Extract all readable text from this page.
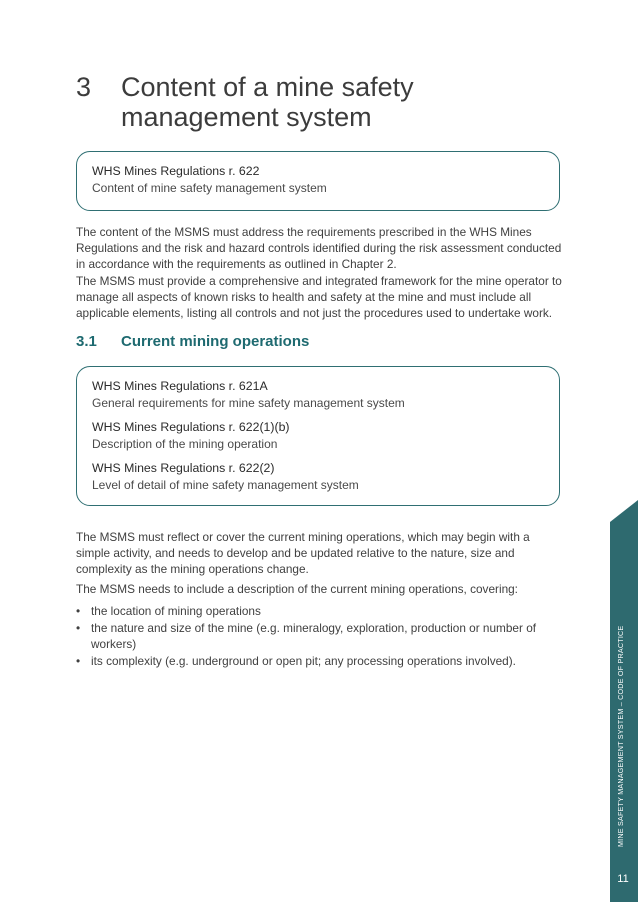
3 Content of a mine safety management system
WHS Mines Regulations r. 622
Content of mine safety management system

The content of the MSMS must address the requirements prescribed in the WHS Mines Regulations and the risk and hazard controls identified during the risk assessment conducted in accordance with the requirements as outlined in Chapter 2.

The MSMS must provide a comprehensive and integrated framework for the mine operator to manage all aspects of known risks to health and safety at the mine and must include all applicable elements, listing all controls and not just the procedures used to undertake work.

3.1 Current mining operations
WHS Mines Regulations r. 621A
General requirements for mine safety management system
WHS Mines Regulations r. 622(1)(b)
Description of the mining operation
WHS Mines Regulations r. 622(2)
Level of detail of mine safety management system

The MSMS must reflect or cover the current mining operations, which may begin with a simple activity, and needs to develop and be updated relative to the nature, size and complexity as the mining operations change.

The MSMS needs to include a description of the current mining operations, covering:

• the location of mining operations
• the nature and size of the mine (e.g. mineralogy, exploration, production or number of workers)
• its complexity (e.g. underground or open pit; any processing operations involved).	MINE SAFETY MANAGEMENT SYSTEM – CODE OF PRACTICE
11
